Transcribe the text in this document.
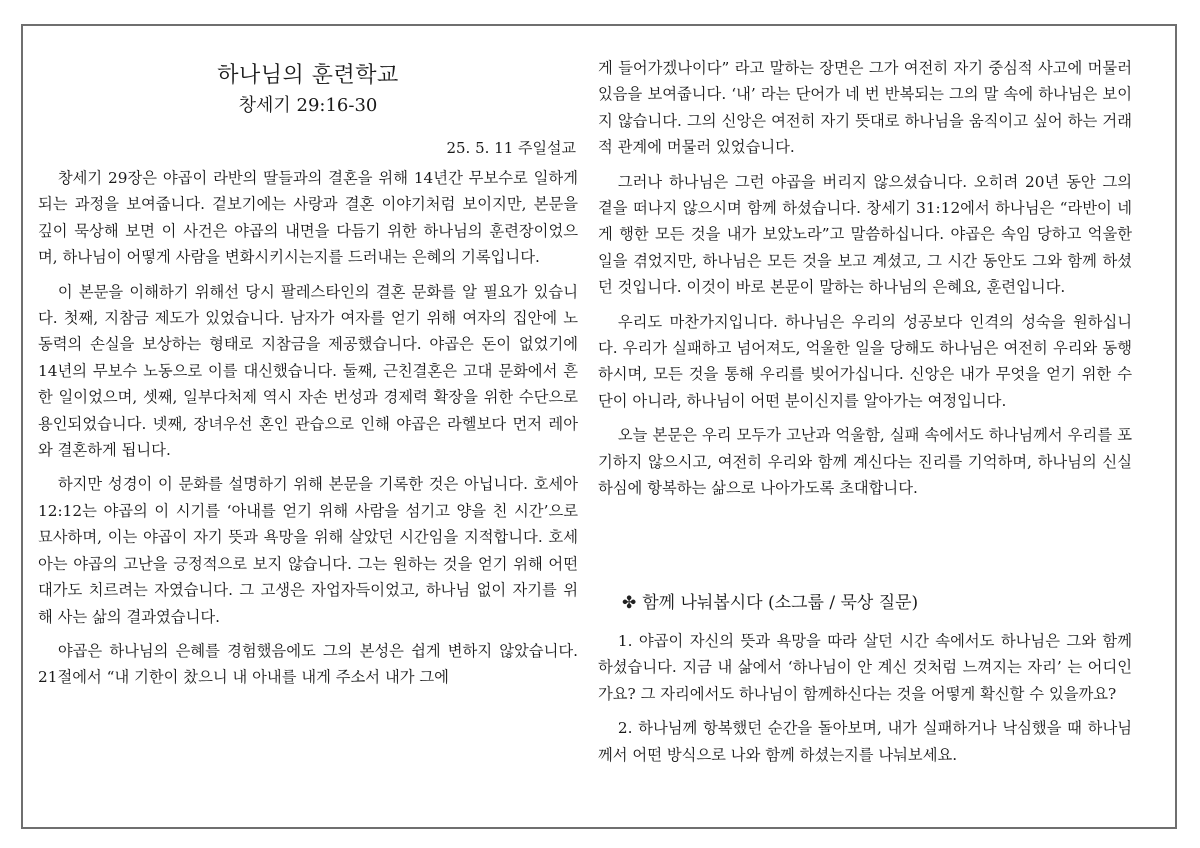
하나님의 훈련학교
창세기 29:16-30
25. 5. 11 주일설교

창세기 29장은 야곱이 라반의 딸들과의 결혼을 위해 14년간 무보수로 일하게 되는 과정을 보여줍니다. 겉보기에는 사랑과 결혼 이야기처럼 보이지만, 본문을 깊이 묵상해 보면 이 사건은 야곱의 내면을 다듬기 위한 하나님의 훈련장이었으며, 하나님이 어떻게 사람을 변화시키시는지를 드러내는 은혜의 기록입니다.

이 본문을 이해하기 위해선 당시 팔레스타인의 결혼 문화를 알 필요가 있습니다. 첫째, 지참금 제도가 있었습니다. 남자가 여자를 얻기 위해 여자의 집안에 노동력의 손실을 보상하는 형태로 지참금을 제공했습니다. 야곱은 돈이 없었기에 14년의 무보수 노동으로 이를 대신했습니다. 둘째, 근친결혼은 고대 문화에서 흔한 일이었으며, 셋째, 일부다처제 역시 자손 번성과 경제력 확장을 위한 수단으로 용인되었습니다. 넷째, 장녀우선 혼인 관습으로 인해 야곱은 라헬보다 먼저 레아와 결혼하게 됩니다.

하지만 성경이 이 문화를 설명하기 위해 본문을 기록한 것은 아닙니다. 호세아 12:12는 야곱의 이 시기를 ‘아내를 얻기 위해 사람을 섬기고 양을 친 시간’으로 묘사하며, 이는 야곱이 자기 뜻과 욕망을 위해 살았던 시간임을 지적합니다. 호세아는 야곱의 고난을 긍정적으로 보지 않습니다. 그는 원하는 것을 얻기 위해 어떤 대가도 치르려는 자였습니다. 그 고생은 자업자득이었고, 하나님 없이 자기를 위해 사는 삶의 결과였습니다.

야곱은 하나님의 은혜를 경험했음에도 그의 본성은 쉽게 변하지 않았습니다. 21절에서 “내 기한이 찼으니 내 아내를 내게 주소서 내가 그에

게 들어가겠나이다” 라고 말하는 장면은 그가 여전히 자기 중심적 사고에 머물러 있음을 보여줍니다. ‘내’ 라는 단어가 네 번 반복되는 그의 말 속에 하나님은 보이지 않습니다. 그의 신앙은 여전히 자기 뜻대로 하나님을 움직이고 싶어 하는 거래적 관계에 머물러 있었습니다.

그러나 하나님은 그런 야곱을 버리지 않으셨습니다. 오히려 20년 동안 그의 곁을 떠나지 않으시며 함께 하셨습니다. 창세기 31:12에서 하나님은 “라반이 네게 행한 모든 것을 내가 보았노라”고 말씀하십니다. 야곱은 속임 당하고 억울한 일을 겪었지만, 하나님은 모든 것을 보고 계셨고, 그 시간 동안도 그와 함께 하셨던 것입니다. 이것이 바로 본문이 말하는 하나님의 은혜요, 훈련입니다.

우리도 마찬가지입니다. 하나님은 우리의 성공보다 인격의 성숙을 원하십니다. 우리가 실패하고 넘어져도, 억울한 일을 당해도 하나님은 여전히 우리와 동행하시며, 모든 것을 통해 우리를 빚어가십니다. 신앙은 내가 무엇을 얻기 위한 수단이 아니라, 하나님이 어떤 분이신지를 알아가는 여정입니다.

오늘 본문은 우리 모두가 고난과 억울함, 실패 속에서도 하나님께서 우리를 포기하지 않으시고, 여전히 우리와 함께 계신다는 진리를 기억하며, 하나님의 신실하심에 항복하는 삶으로 나아가도록 초대합니다.

✤ 함께 나눠봅시다 (소그룹 / 묵상 질문)

1. 야곱이 자신의 뜻과 욕망을 따라 살던 시간 속에서도 하나님은 그와 함께 하셨습니다. 지금 내 삶에서 ‘하나님이 안 계신 것처럼 느껴지는 자리’ 는 어디인가요? 그 자리에서도 하나님이 함께하신다는 것을 어떻게 확신할 수 있을까요?

2. 하나님께 항복했던 순간을 돌아보며, 내가 실패하거나 낙심했을 때 하나님께서 어떤 방식으로 나와 함께 하셨는지를 나눠보세요.
